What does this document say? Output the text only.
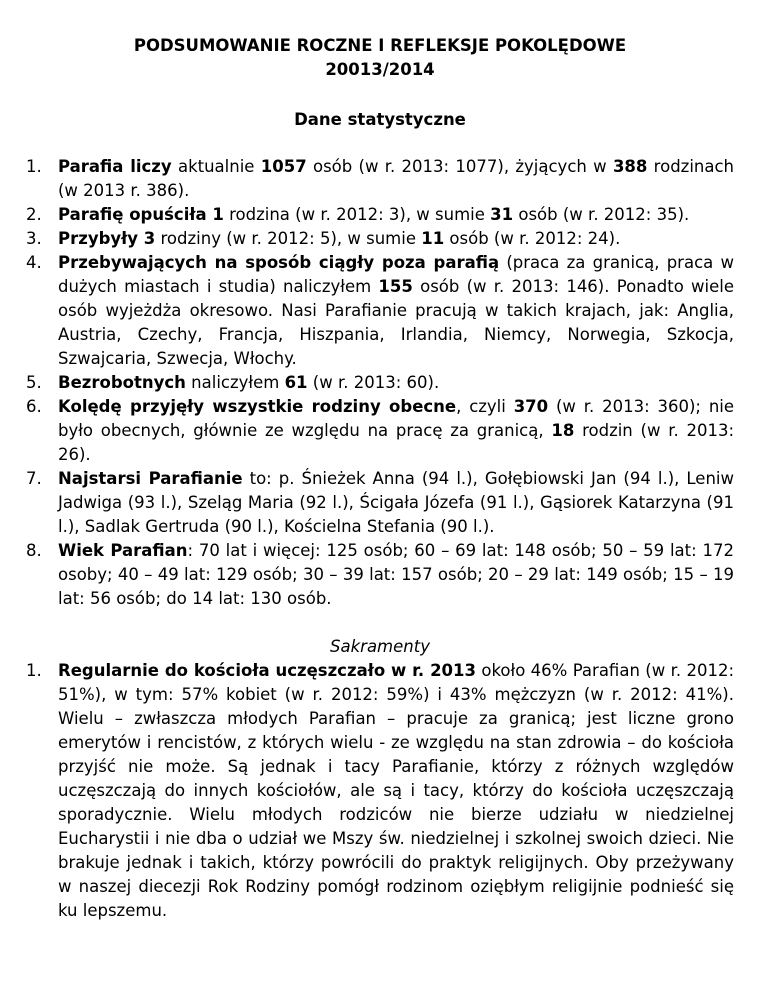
PODSUMOWANIE ROCZNE I REFLEKSJE POKOLĘDOWE
20013/2014

Dane statystyczne

1. Parafia liczy aktualnie 1057 osób (w r. 2013: 1077), żyjących w 388 rodzinach (w 2013 r. 386).
2. Parafię opuściła 1 rodzina (w r. 2012: 3), w sumie 31 osób (w r. 2012: 35).
3. Przybyły 3 rodziny (w r. 2012: 5), w sumie 11 osób (w r. 2012: 24).
4. Przebywających na sposób ciągły poza parafią (praca za granicą, praca w dużych miastach i studia) naliczyłem 155 osób (w r. 2013: 146). Ponadto wiele osób wyjeżdża okresowo. Nasi Parafianie pracują w takich krajach, jak: Anglia, Austria, Czechy, Francja, Hiszpania, Irlandia, Niemcy, Norwegia, Szkocja, Szwajcaria, Szwecja, Włochy.
5. Bezrobotnych naliczyłem 61 (w r. 2013: 60).
6. Kolędę przyjęły wszystkie rodziny obecne, czyli 370 (w r. 2013: 360); nie było obecnych, głównie ze względu na pracę za granicą, 18 rodzin (w r. 2013: 26).
7. Najstarsi Parafianie to: p. Śnieżek Anna (94 l.), Gołębiowski Jan (94 l.), Leniw Jadwiga (93 l.), Szeląg Maria (92 l.), Ścigała Józefa (91 l.), Gąsiorek Katarzyna (91 l.), Sadlak Gertruda (90 l.), Kościelna Stefania (90 l.).
8. Wiek Parafian: 70 lat i więcej: 125 osób; 60 – 69 lat: 148 osób; 50 – 59 lat: 172 osoby; 40 – 49 lat: 129 osób; 30 – 39 lat: 157 osób; 20 – 29 lat: 149 osób; 15 – 19 lat: 56 osób; do 14 lat: 130 osób.

Sakramenty

1. Regularnie do kościoła uczęszczało w r. 2013 około 46% Parafian (w r. 2012: 51%), w tym: 57% kobiet (w r. 2012: 59%) i 43% mężczyzn (w r. 2012: 41%). Wielu – zwłaszcza młodych Parafian – pracuje za granicą; jest liczne grono emerytów i rencistów, z których wielu - ze względu na stan zdrowia – do kościoła przyjść nie może. Są jednak i tacy Parafianie, którzy z różnych względów uczęszczają do innych kościołów, ale są i tacy, którzy do kościoła uczęszczają sporadycznie. Wielu młodych rodziców nie bierze udziału w niedzielnej Eucharystii i nie dba o udział we Mszy św. niedzielnej i szkolnej swoich dzieci. Nie brakuje jednak i takich, którzy powrócili do praktyk religijnych. Oby przeżywany w naszej diecezji Rok Rodziny pomógł rodzinom oziębłym religijnie podnieść się ku lepszemu.
